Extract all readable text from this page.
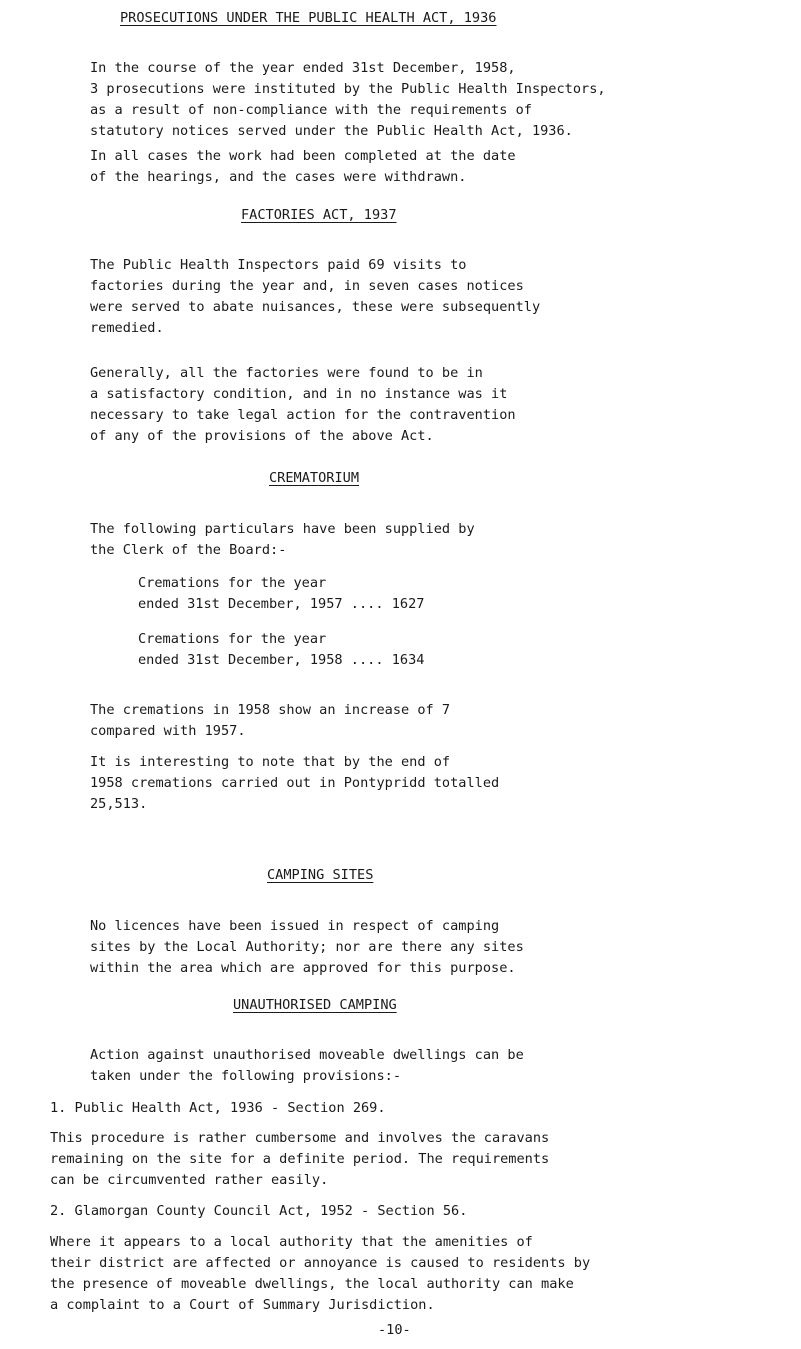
PROSECUTIONS UNDER THE PUBLIC HEALTH ACT, 1936
In the course of the year ended 31st December, 1958,
3 prosecutions were instituted by the Public Health Inspectors,
as a result of non-compliance with the requirements of
statutory notices served under the Public Health Act, 1936.
In all cases the work had been completed at the date
of the hearings, and the cases were withdrawn.
FACTORIES ACT, 1937
The Public Health Inspectors paid 69 visits to
factories during the year and, in seven cases notices
were served to abate nuisances, these were subsequently
remedied.
Generally, all the factories were found to be in
a satisfactory condition, and in no instance was it
necessary to take legal action for the contravention
of any of the provisions of the above Act.
CREMATORIUM
The following particulars have been supplied by
the Clerk of the Board:-
Cremations for the year
ended 31st December, 1957 .... 1627
Cremations for the year
ended 31st December, 1958 .... 1634
The cremations in 1958 show an increase of 7
compared with 1957.
It is interesting to note that by the end of
1958 cremations carried out in Pontypridd totalled
25,513.
CAMPING SITES
No licences have been issued in respect of camping
sites by the Local Authority; nor are there any sites
within the area which are approved for this purpose.
UNAUTHORISED CAMPING
Action against unauthorised moveable dwellings can be
taken under the following provisions:-
1. Public Health Act, 1936 - Section 269.
This procedure is rather cumbersome and involves the caravans
remaining on the site for a definite period. The requirements
can be circumvented rather easily.
2. Glamorgan County Council Act, 1952 - Section 56.
Where it appears to a local authority that the amenities of
their district are affected or annoyance is caused to residents by
the presence of moveable dwellings, the local authority can make
a complaint to a Court of Summary Jurisdiction.
-10-
